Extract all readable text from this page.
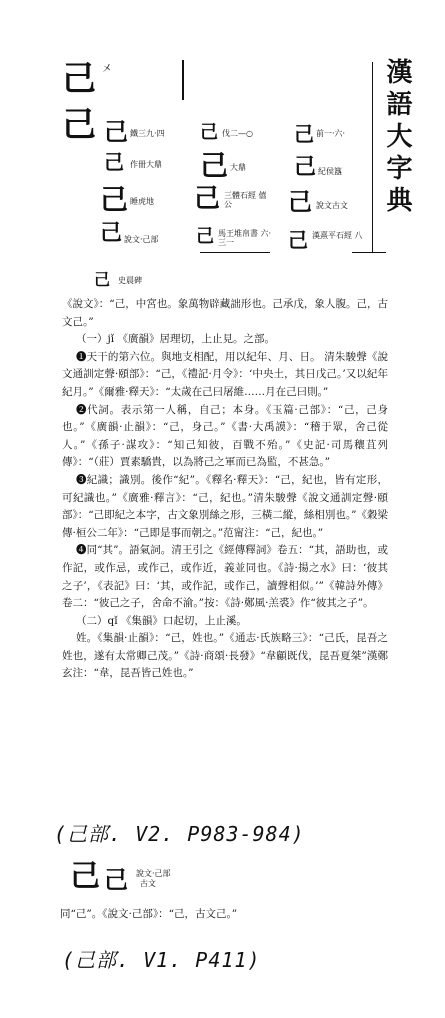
漢語大字典
己 㐅
己 己 鐵三九·四	己 伐二—○	己 前一·六·
己 作冊大鼎	己 大鼎	己 紀侯簋
己 睡虎地	己 三體石經 僖公	己 說文古文
己 說文·己部	己 馬王堆帛書 六·三一	己 漢熹平石經 八
己 史晨碑

《說文》：“己，中宮也。象萬物辟藏詘形也。己承戊，象人腹。己，古文己。”

（一）jǐ 《廣韻》居理切，上止見。之部。

❶天干的第六位。與地支相配，用以紀年、月、日。 清朱駿聲《說文通訓定聲·頤部》：“己，《禮記·月令》：‘中央土，其日戊己。’又以紀年紀月。”《爾雅·釋天》：“太歲在己曰屠維……月在己曰則。”

❷代詞。表示第一人稱，自己；本身。《玉篇·己部》：“己，己身也。”《廣韻·止韻》：“己，身己。”《書·大禹謨》：“稽于眾，舍己從人。”《孫子·謀攻》：“知己知彼，百戰不殆。”《史記·司馬穰苴列傳》：“（莊）賈素驕貴，以為將己之軍而已為監，不甚急。”

❸紀識；識別。後作“紀”。《釋名·釋天》：“己，紀也，皆有定形，可紀識也。”《廣雅·釋言》：“己，紀也。”清朱駿聲《說文通訓定聲·頤部》：“己即紀之本字，古文象別絲之形，三橫二縱，絲相別也。”《穀梁傳·桓公二年》：“己即是事而朝之。”范甯注：“己，紀也。”

❹同“其”。語氣詞。清王引之《經傳釋詞》卷五：“其，語助也，或作記，或作忌，或作己，或作近，義並同也。《詩·揚之水》曰：‘彼其之子’，《表記》曰：‘其，或作記，或作己，讀聲相似。’”《韓詩外傳》卷二：“彼己之子，舍命不渝。”按：《詩·鄭風·羔裘》作“彼其之子”。

（二）qǐ 《集韻》口起切，上止溪。

姓。《集韻·止韻》：“己，姓也。”《通志·氏族略三》：“己氏，昆吾之姓也，遂有太常卿己茂。”《詩·商頌·長發》“韋顧既伐，昆吾夏桀”漢鄭玄注：“韋，昆吾皆己姓也。”

(己部. V2. P983-984)
己 己 說文·己部
古文
同“己”。《說文·己部》：“己，古文己。”
(己部. V1. P411)
